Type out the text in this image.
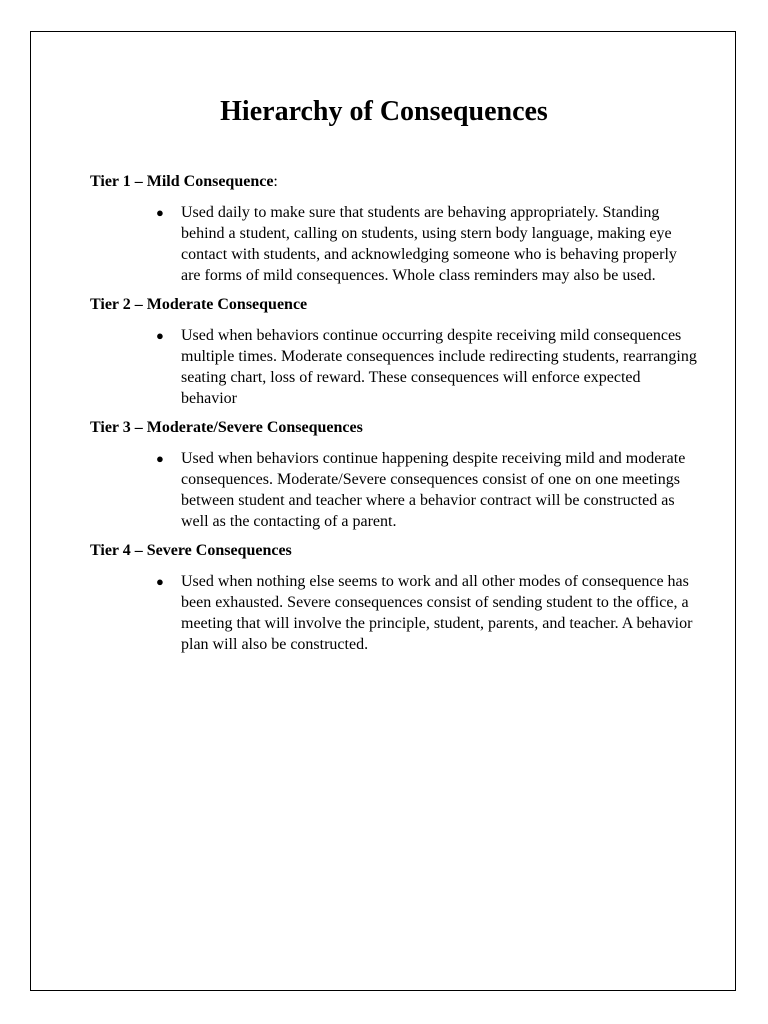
Hierarchy of Consequences

Tier 1 – Mild Consequence:

● Used daily to make sure that students are behaving appropriately. Standing behind a student, calling on students, using stern body language, making eye contact with students, and acknowledging someone who is behaving properly are forms of mild consequences. Whole class reminders may also be used.

Tier 2 – Moderate Consequence

● Used when behaviors continue occurring despite receiving mild consequences multiple times. Moderate consequences include redirecting students, rearranging seating chart, loss of reward. These consequences will enforce expected behavior

Tier 3 – Moderate/Severe Consequences

● Used when behaviors continue happening despite receiving mild and moderate consequences. Moderate/Severe consequences consist of one on one meetings between student and teacher where a behavior contract will be constructed as well as the contacting of a parent.

Tier 4 – Severe Consequences

● Used when nothing else seems to work and all other modes of consequence has been exhausted. Severe consequences consist of sending student to the office, a meeting that will involve the principle, student, parents, and teacher. A behavior plan will also be constructed.
